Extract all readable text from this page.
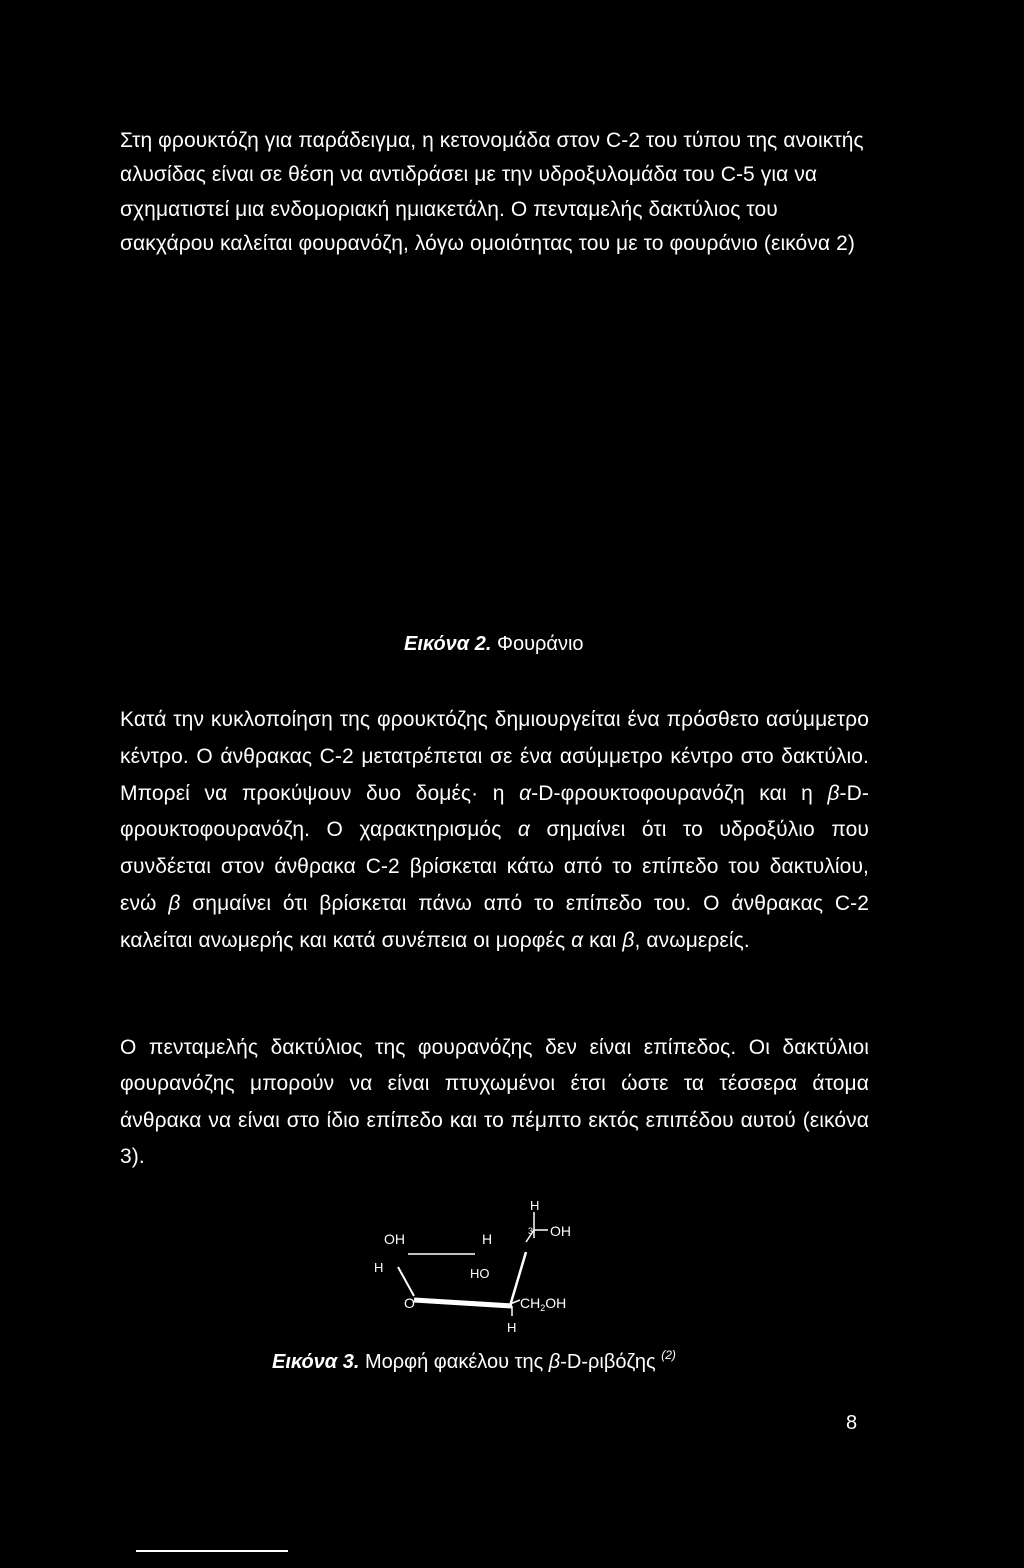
Στη φρουκτόζη για παράδειγμα, η κετονομάδα στον C-2 του τύπου της ανοικτής αλυσίδας είναι σε θέση να αντιδράσει με την υδροξυλομάδα του C-5 για να σχηματιστεί μια ενδομοριακή ημιακετάλη. Ο πενταμελής δακτύλιος του σακχάρου καλείται φουρανόζη, λόγω ομοιότητας του με το φουράνιο (εικόνα 2)

Εικόνα 2. Φουράνιο

Κατά την κυκλοποίηση της φρουκτόζης δημιουργείται ένα πρόσθετο ασύμμετρο κέντρο. Ο άνθρακας C-2 μετατρέπεται σε ένα ασύμμετρο κέντρο στο δακτύλιο. Μπορεί να προκύψουν δυο δομές· η α-D-φρουκτοφουρανόζη και η β-D- φρουκτοφουρανόζη. Ο χαρακτηρισμός α σημαίνει ότι το υδροξύλιο που συνδέεται στον άνθρακα C-2 βρίσκεται κάτω από το επίπεδο του δακτυλίου, ενώ β σημαίνει ότι βρίσκεται πάνω από το επίπεδο του. Ο άνθρακας C-2 καλείται ανωμερής και κατά συνέπεια οι μορφές α και β, ανωμερείς.

Ο πενταμελής δακτύλιος της φουρανόζης δεν είναι επίπεδος. Οι δακτύλιοι φουρανόζης μπορούν να είναι πτυχωμένοι έτσι ώστε τα τέσσερα άτομα άνθρακα να είναι στο ίδιο επίπεδο και το πέμπτο εκτός επιπέδου αυτού (εικόνα 3).

OH	H
H
3 OH
H	HO
O	$CH_2OH$
H

Εικόνα 3. Μορφή φακέλου της β-D-ριβόζης $^{(2)}$

8
